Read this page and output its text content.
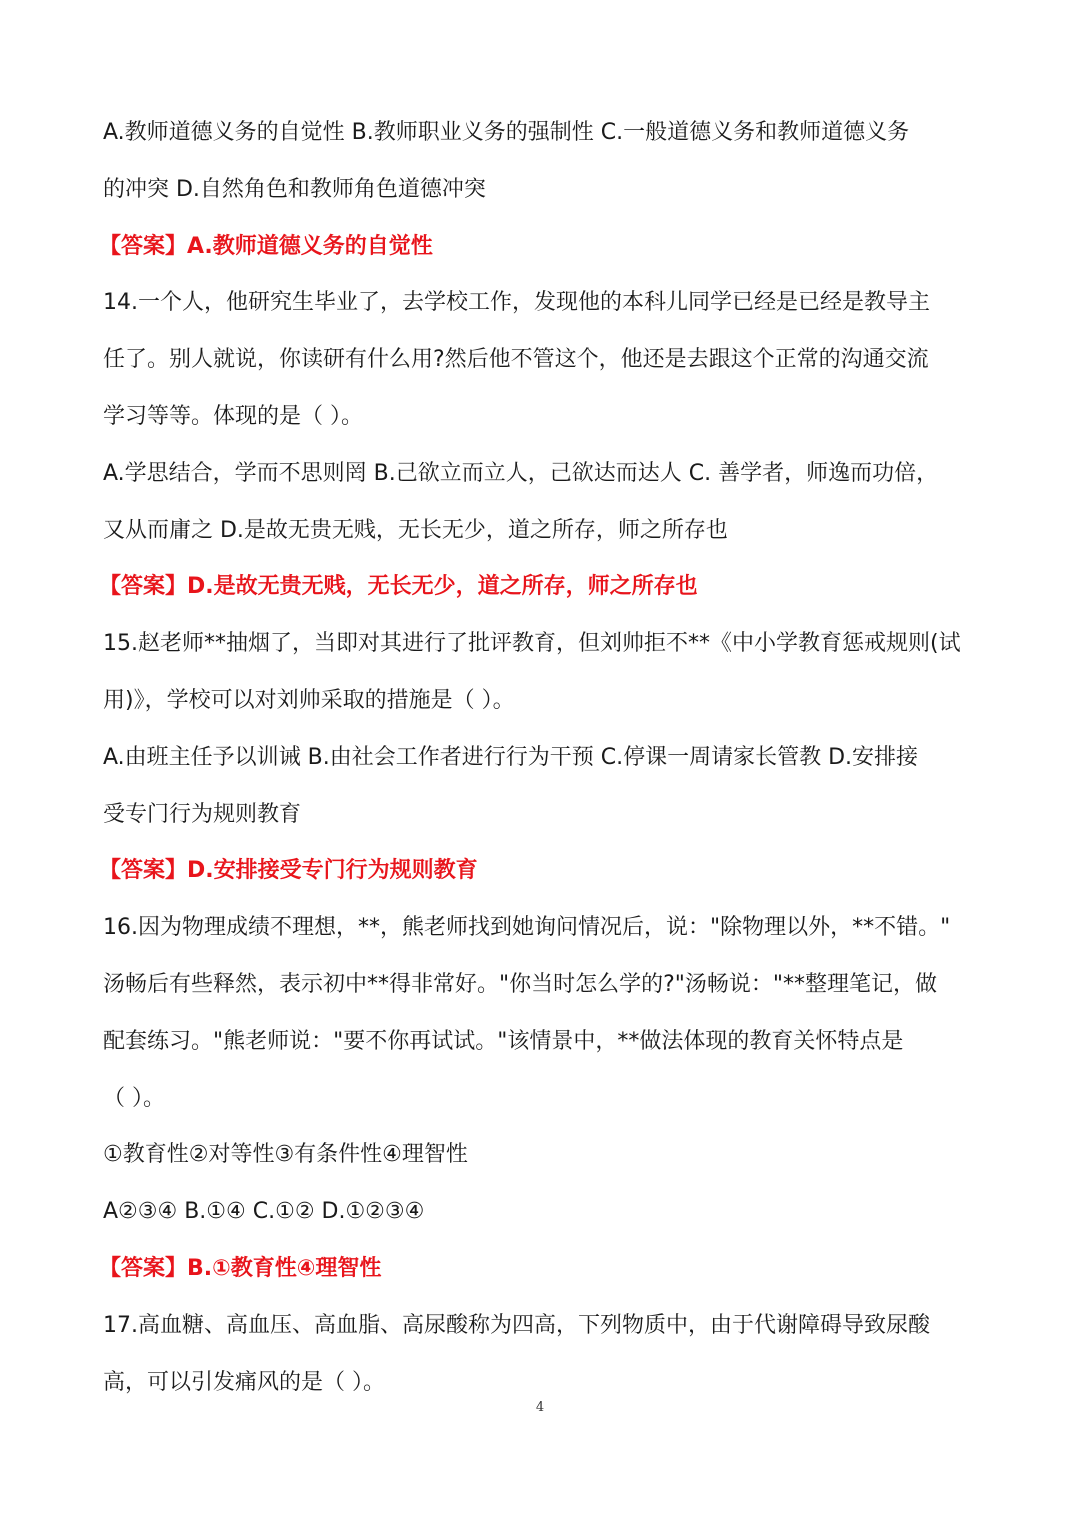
A.教师道德义务的自觉性 B.教师职业义务的强制性 C.一般道德义务和教师道德义务
的冲突 D.自然角色和教师角色道德冲突
【答案】A.教师道德义务的自觉性
14.一个人，他研究生毕业了，去学校工作，发现他的本科儿同学已经是已经是教导主
任了。别人就说，你读研有什么用?然后他不管这个，他还是去跟这个正常的沟通交流
学习等等。体现的是（ ）。
A.学思结合，学而不思则罔 B.己欲立而立人，己欲达而达人 C. 善学者，师逸而功倍，
又从而庸之 D.是故无贵无贱，无长无少，道之所存，师之所存也
【答案】D.是故无贵无贱，无长无少，道之所存，师之所存也
15.赵老师**抽烟了，当即对其进行了批评教育，但刘帅拒不**《中小学教育惩戒规则(试
用)》，学校可以对刘帅采取的措施是（ ）。
A.由班主任予以训诫 B.由社会工作者进行行为干预 C.停课一周请家长管教 D.安排接
受专门行为规则教育
【答案】D.安排接受专门行为规则教育
16.因为物理成绩不理想，**，熊老师找到她询问情况后，说："除物理以外，**不错。"
汤畅后有些释然，表示初中**得非常好。"你当时怎么学的?"汤畅说："**整理笔记，做
配套练习。"熊老师说："要不你再试试。"该情景中，**做法体现的教育关怀特点是
（ ）。
①教育性②对等性③有条件性④理智性
A②③④ B.①④ C.①② D.①②③④
【答案】B.①教育性④理智性
17.高血糖、高血压、高血脂、高尿酸称为四高，下列物质中，由于代谢障碍导致尿酸
高，可以引发痛风的是（ ）。
4
